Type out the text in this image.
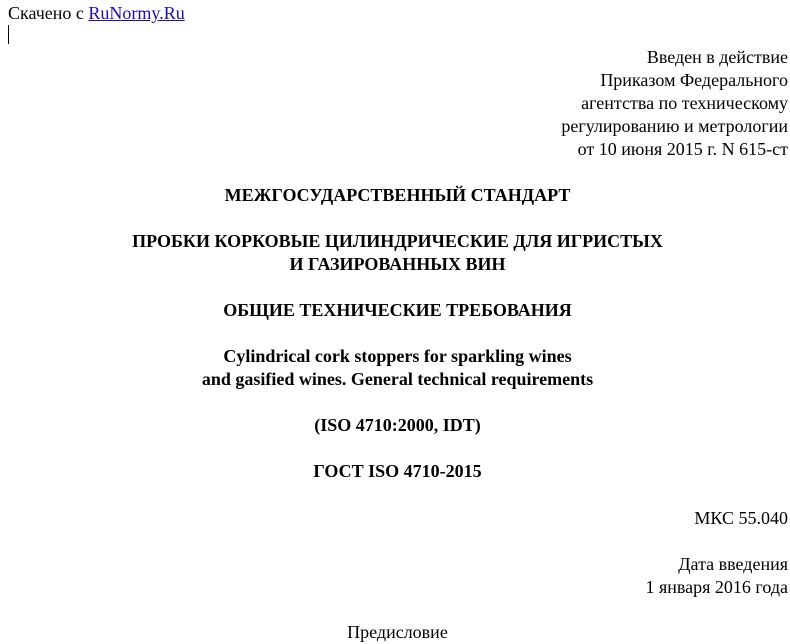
Скачено с RuNormy.Ru
Введен в действие
Приказом Федерального
агентства по техническому
регулированию и метрологии
от 10 июня 2015 г. N 615-ст
МЕЖГОСУДАРСТВЕННЫЙ СТАНДАРТ
ПРОБКИ КОРКОВЫЕ ЦИЛИНДРИЧЕСКИЕ ДЛЯ ИГРИСТЫХ
И ГАЗИРОВАННЫХ ВИН
ОБЩИЕ ТЕХНИЧЕСКИЕ ТРЕБОВАНИЯ
Cylindrical cork stoppers for sparkling wines
and gasified wines. General technical requirements
(ISO 4710:2000, IDT)
ГОСТ ISO 4710-2015
МКС 55.040
Дата введения
1 января 2016 года
Предисловие
